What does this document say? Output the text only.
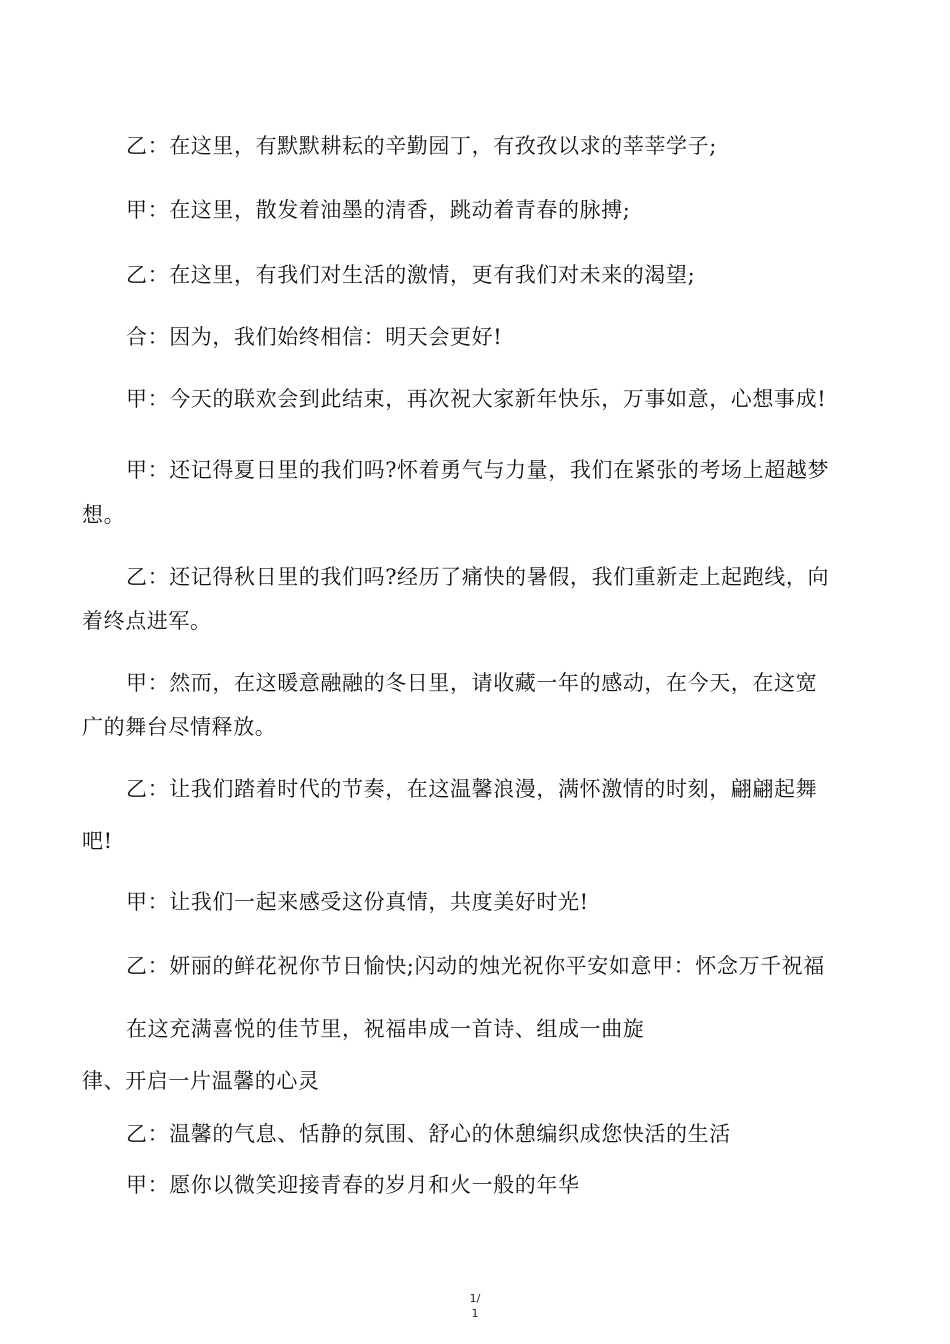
乙：在这里，有默默耕耘的辛勤园丁，有孜孜以求的莘莘学子;
甲：在这里，散发着油墨的清香，跳动着青春的脉搏;
乙：在这里，有我们对生活的激情，更有我们对未来的渴望;
合：因为，我们始终相信：明天会更好!
甲：今天的联欢会到此结束，再次祝大家新年快乐，万事如意，心想事成!
甲：还记得夏日里的我们吗?怀着勇气与力量，我们在紧张的考场上超越梦
想。
乙：还记得秋日里的我们吗?经历了痛快的暑假，我们重新走上起跑线，向
着终点进军。
甲：然而，在这暖意融融的冬日里，请收藏一年的感动，在今天，在这宽
广的舞台尽情释放。
乙：让我们踏着时代的节奏，在这温馨浪漫，满怀激情的时刻，翩翩起舞
吧!
甲：让我们一起来感受这份真情，共度美好时光!
乙：妍丽的鲜花祝你节日愉快;闪动的烛光祝你平安如意甲：怀念万千祝福
在这充满喜悦的佳节里，祝福串成一首诗、组成一曲旋
律、开启一片温馨的心灵
乙：温馨的气息、恬静的氛围、舒心的休憩编织成您快活的生活
甲：愿你以微笑迎接青春的岁月和火一般的年华
1/
1
